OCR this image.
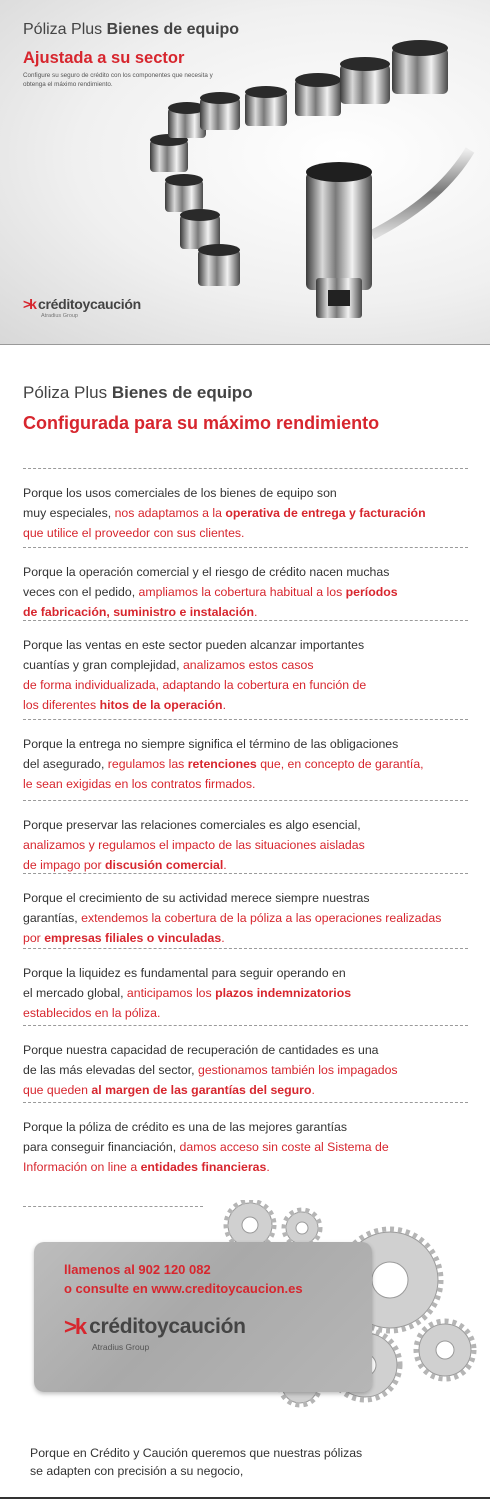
Póliza Plus Bienes de equipo
Ajustada a su sector
Configure su seguro de crédito con los componentes que necesita y obtenga el máximo rendimiento.
>k créditoycaución
Atradius Group
Póliza Plus Bienes de equipo
Configurada para su máximo rendimiento
Porque los usos comerciales de los bienes de equipo son
muy especiales, nos adaptamos a la operativa de entrega y facturación
que utilice el proveedor con sus clientes.
Porque la operación comercial y el riesgo de crédito nacen muchas
veces con el pedido, ampliamos la cobertura habitual a los períodos
de fabricación, suministro e instalación.
Porque las ventas en este sector pueden alcanzar importantes
cuantías y gran complejidad, analizamos estos casos
de forma individualizada, adaptando la cobertura en función de
los diferentes hitos de la operación.
Porque la entrega no siempre significa el término de las obligaciones
del asegurado, regulamos las retenciones que, en concepto de garantía,
le sean exigidas en los contratos firmados.
Porque preservar las relaciones comerciales es algo esencial,
analizamos y regulamos el impacto de las situaciones aisladas
de impago por discusión comercial.
Porque el crecimiento de su actividad merece siempre nuestras
garantías, extendemos la cobertura de la póliza a las operaciones realizadas
por empresas filiales o vinculadas.
Porque la liquidez es fundamental para seguir operando en
el mercado global, anticipamos los plazos indemnizatorios
establecidos en la póliza.
Porque nuestra capacidad de recuperación de cantidades es una
de las más elevadas del sector, gestionamos también los impagados
que queden al margen de las garantías del seguro.
Porque la póliza de crédito es una de las mejores garantías
para conseguir financiación, damos acceso sin coste al Sistema de
Información on line a entidades financieras.
llamenos al 902 120 082
o consulte en www.creditoycaucion.es
>k créditoycaución
Atradius Group
Porque en Crédito y Caución queremos que nuestras pólizas
se adapten con precisión a su negocio,
